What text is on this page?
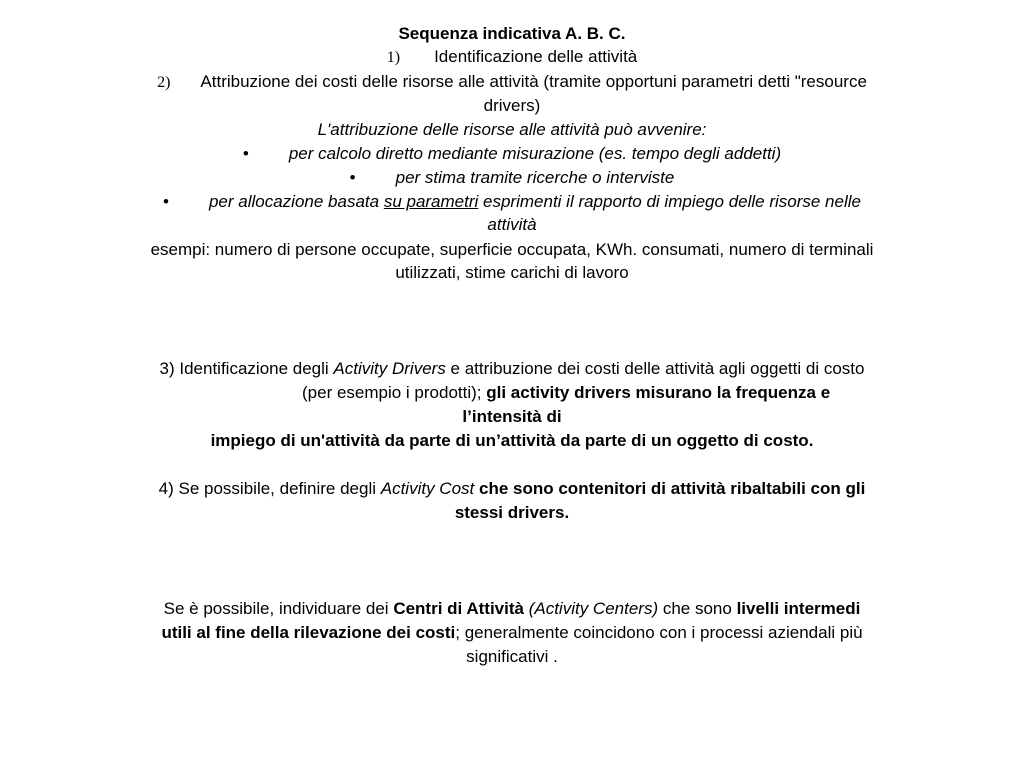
Sequenza indicativa A. B. C.
1) Identificazione delle attività
2) Attribuzione dei costi delle risorse alle attività (tramite opportuni parametri detti "resource
drivers)
L'attribuzione delle risorse alle attività può avvenire:
• per calcolo diretto mediante misurazione (es. tempo degli addetti)
• per stima tramite ricerche o interviste
• per allocazione basata su parametri esprimenti il rapporto di impiego delle risorse nelle
attività
esempi: numero di persone occupate, superficie occupata, KWh. consumati, numero di terminali
utilizzati, stime carichi di lavoro
3) Identificazione degli Activity Drivers e attribuzione dei costi delle attività agli oggetti di costo
(per esempio i prodotti); gli activity drivers misurano la frequenza e
l’intensità di
impiego di un'attività da parte di un’attività da parte di un oggetto di costo.
4) Se possibile, definire degli Activity Cost che sono contenitori di attività ribaltabili con gli
stessi drivers.
Se è possibile, individuare dei Centri di Attività (Activity Centers) che sono livelli intermedi
utili al fine della rilevazione dei costi; generalmente coincidono con i processi aziendali più
significativi .
